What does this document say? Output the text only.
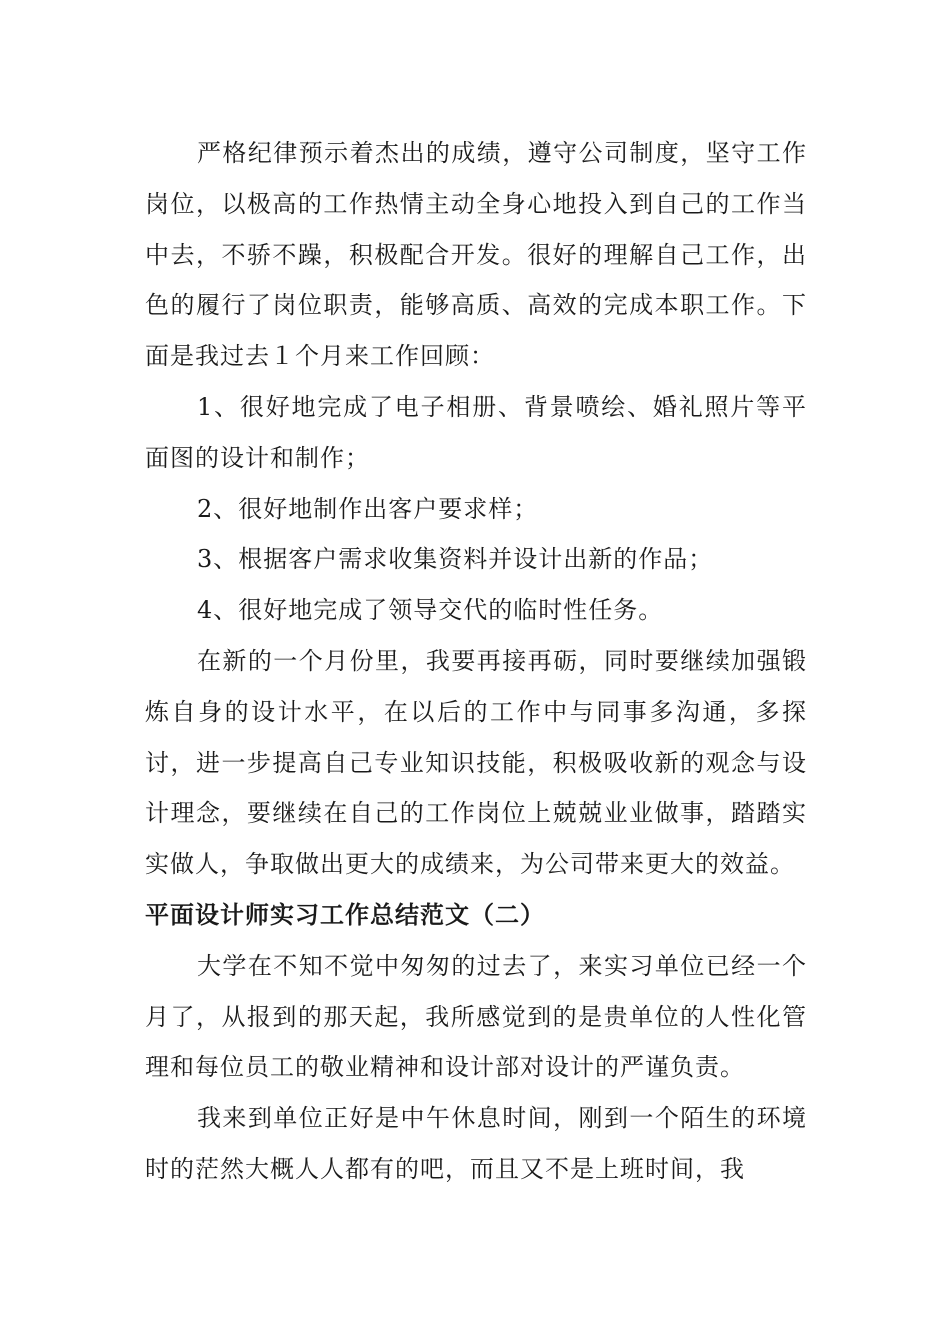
严格纪律预示着杰出的成绩，遵守公司制度，坚守工作岗位，以极高的工作热情主动全身心地投入到自己的工作当中去，不骄不躁，积极配合开发。很好的理解自己工作，出色的履行了岗位职责，能够高质、高效的完成本职工作。下面是我过去１个月来工作回顾：

1、很好地完成了电子相册、背景喷绘、婚礼照片等平面图的设计和制作；

2、很好地制作出客户要求样；

3、根据客户需求收集资料并设计出新的作品；

4、很好地完成了领导交代的临时性任务。

在新的一个月份里，我要再接再砺，同时要继续加强锻炼自身的设计水平，在以后的工作中与同事多沟通，多探讨，进一步提高自己专业知识技能，积极吸收新的观念与设计理念，要继续在自己的工作岗位上兢兢业业做事，踏踏实实做人，争取做出更大的成绩来，为公司带来更大的效益。

平面设计师实习工作总结范文（二）

大学在不知不觉中匆匆的过去了，来实习单位已经一个月了，从报到的那天起，我所感觉到的是贵单位的人性化管理和每位员工的敬业精神和设计部对设计的严谨负责。

我来到单位正好是中午休息时间，刚到一个陌生的环境时的茫然大概人人都有的吧，而且又不是上班时间，我
